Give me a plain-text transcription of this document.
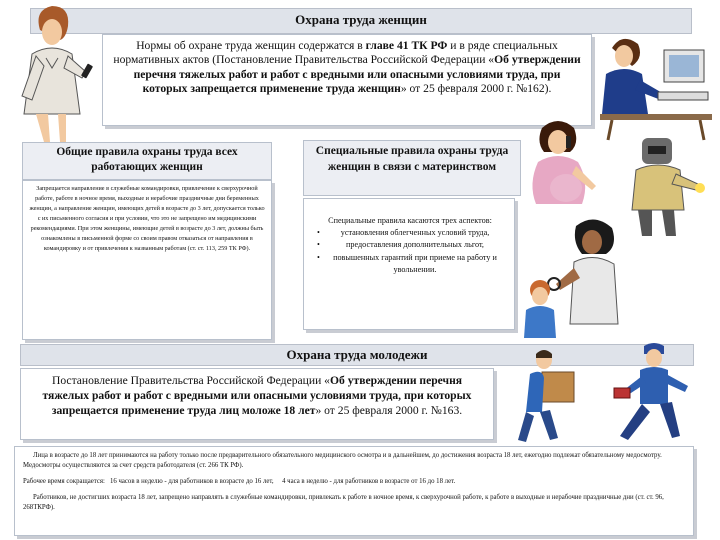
Охрана труда женщин
Нормы об охране труда женщин содержатся в главе 41 ТК РФ и в ряде специальных нормативных актов (Постановление Правительства Российской Федерации «Об утверждении перечня тяжелых работ и работ с вредными или опасными условиями труда, при которых запрещается применение труда женщин» от 25 февраля 2000 г. №162).
Общие правила охраны труда всех работающих женщин
Запрещается направление в служебные командировки, привлечение к сверхурочной работе, работе в ночное время, выходные и нерабочие праздничные дни беременных женщин, а направление женщин, имеющих детей в возрасте до 3 лет, допускается только с их письменного согласия и при условии, что это не запрещено им медицинскими рекомендациями. При этом женщины, имеющие детей в возрасте до 3 лет, должны быть ознакомлены в письменной форме со своим правом отказаться от направления в командировку и от привлечения к названным работам (ст. ст. 113, 259 ТК РФ).
Специальные правила охраны труда женщин в связи с материнством
Специальные правила касаются трех аспектов:
• установления облегченных условий труда,
• предоставления дополнительных льгот,
• повышенных гарантий при приеме на работу и увольнении.
Охрана труда молодежи
Постановление Правительства Российской Федерации «Об утверждении перечня тяжелых работ и работ с вредными или опасными условиями труда, при которых запрещается применение труда лиц моложе 18 лет» от 25 февраля 2000 г. №163.
Лица в возрасте до 18 лет принимаются на работу только после предварительного обязательного медицинского осмотра и в дальнейшем, до достижения возраста 18 лет, ежегодно подлежат обязательному медосмотру. Медосмотры осуществляются за счет средств работодателя (ст. 266 ТК РФ).
Рабочее время сокращается: 16 часов в неделю - для работников в возрасте до 16 лет, 4 часа в неделю - для работников в возрасте от 16 до 18 лет.
Работников, не достигших возраста 18 лет, запрещено направлять в служебные командировки, привлекать к работе в ночное время, к сверхурочной работе, к работе в выходные и нерабочие праздничные дни (ст. ст. 96, 268ТКРФ).
